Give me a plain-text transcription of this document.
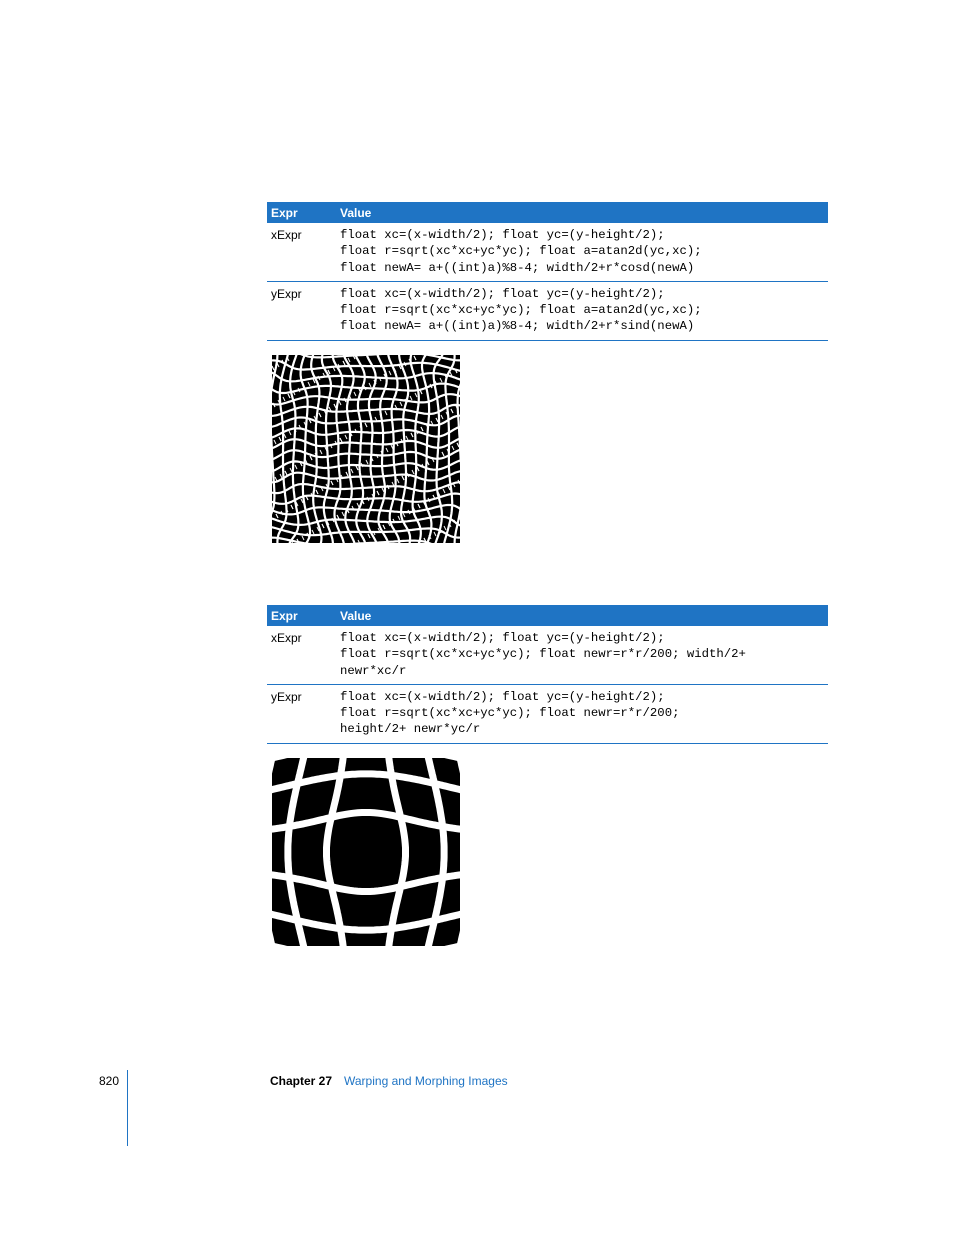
Expr	Value
xExpr	float xc=(x-width/2); float yc=(y-height/2);
float r=sqrt(xc*xc+yc*yc); float a=atan2d(yc,xc);
float newA= a+((int)a)%8-4; width/2+r*cosd(newA)
yExpr	float xc=(x-width/2); float yc=(y-height/2);
float r=sqrt(xc*xc+yc*yc); float a=atan2d(yc,xc);
float newA= a+((int)a)%8-4; width/2+r*sind(newA)
Expr	Value
xExpr	float xc=(x-width/2); float yc=(y-height/2);
float r=sqrt(xc*xc+yc*yc); float newr=r*r/200; width/2+
newr*xc/r
yExpr	float xc=(x-width/2); float yc=(y-height/2);
float r=sqrt(xc*xc+yc*yc); float newr=r*r/200;
height/2+ newr*yc/r
820	Chapter 27 Warping and Morphing Images
